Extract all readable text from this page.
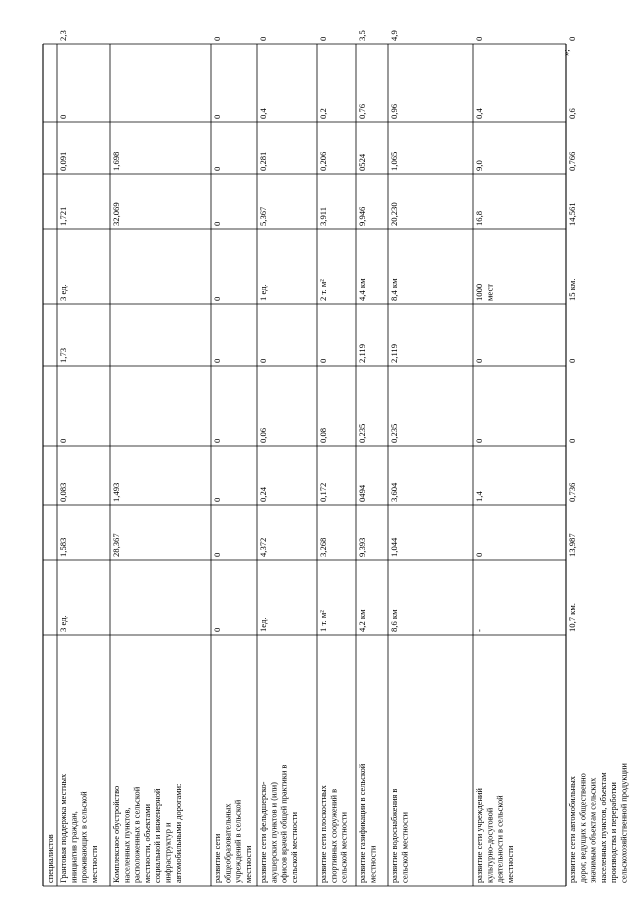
специалистов Грантовая поддержка местных инициатив граждан, проживающих в сельской местности
3 ед.
1,583
0,083
0
1,73
3 ед.
1,721
0,091
0
2,3
Комплексное обустройство населенных пунктов, расположенных в сельской местности, объектами социальной и инженерной инфраструктур и автомобильными дорогами:
28,367
1,493
32,069
1,698
развитие сети общеобразовательных учреждений в сельской местности
0
0
0
0
0
0
0
0
0
0
развитие сети фельдшерско- акушерских пунктов и (или) офисов врачей общей практики в сельской местности
1ед.
4,372
0,24
0,06
0
1 ед.
5,367
0,281
0,4
0
развитие сети плоскостных спортивных сооружений в сельской местности
1 т. м²
3,268
0,172
0,08
0
2 т. м²
3,911
0,206
0,2
0
развитие газификации в сельской местности
4,2 км
9,393
0494
0,235
2,119
4,4 км
9,946
0524
0,76
3,5
развитие водоснабжения в сельской местности
8,6 км
1,044
3,604
0,235
2,119
8,4 км
20,230
1,065
0,96
4,9
развитие сети учреждений культурно-досуговой деятельности в сельской местности
-
0
1,4
0
0
1000 мест
16,8
9,0
0,4
0
развитие сети автомобильных дорог, ведущих к общественно значимым объектам сельских населенных пунктов, объектам производства и переработки сельскохозяйственной продукции
10,7 км.
13,987
0,736
0
0
15 км.
14,561
0,766
0,6
0
»;
